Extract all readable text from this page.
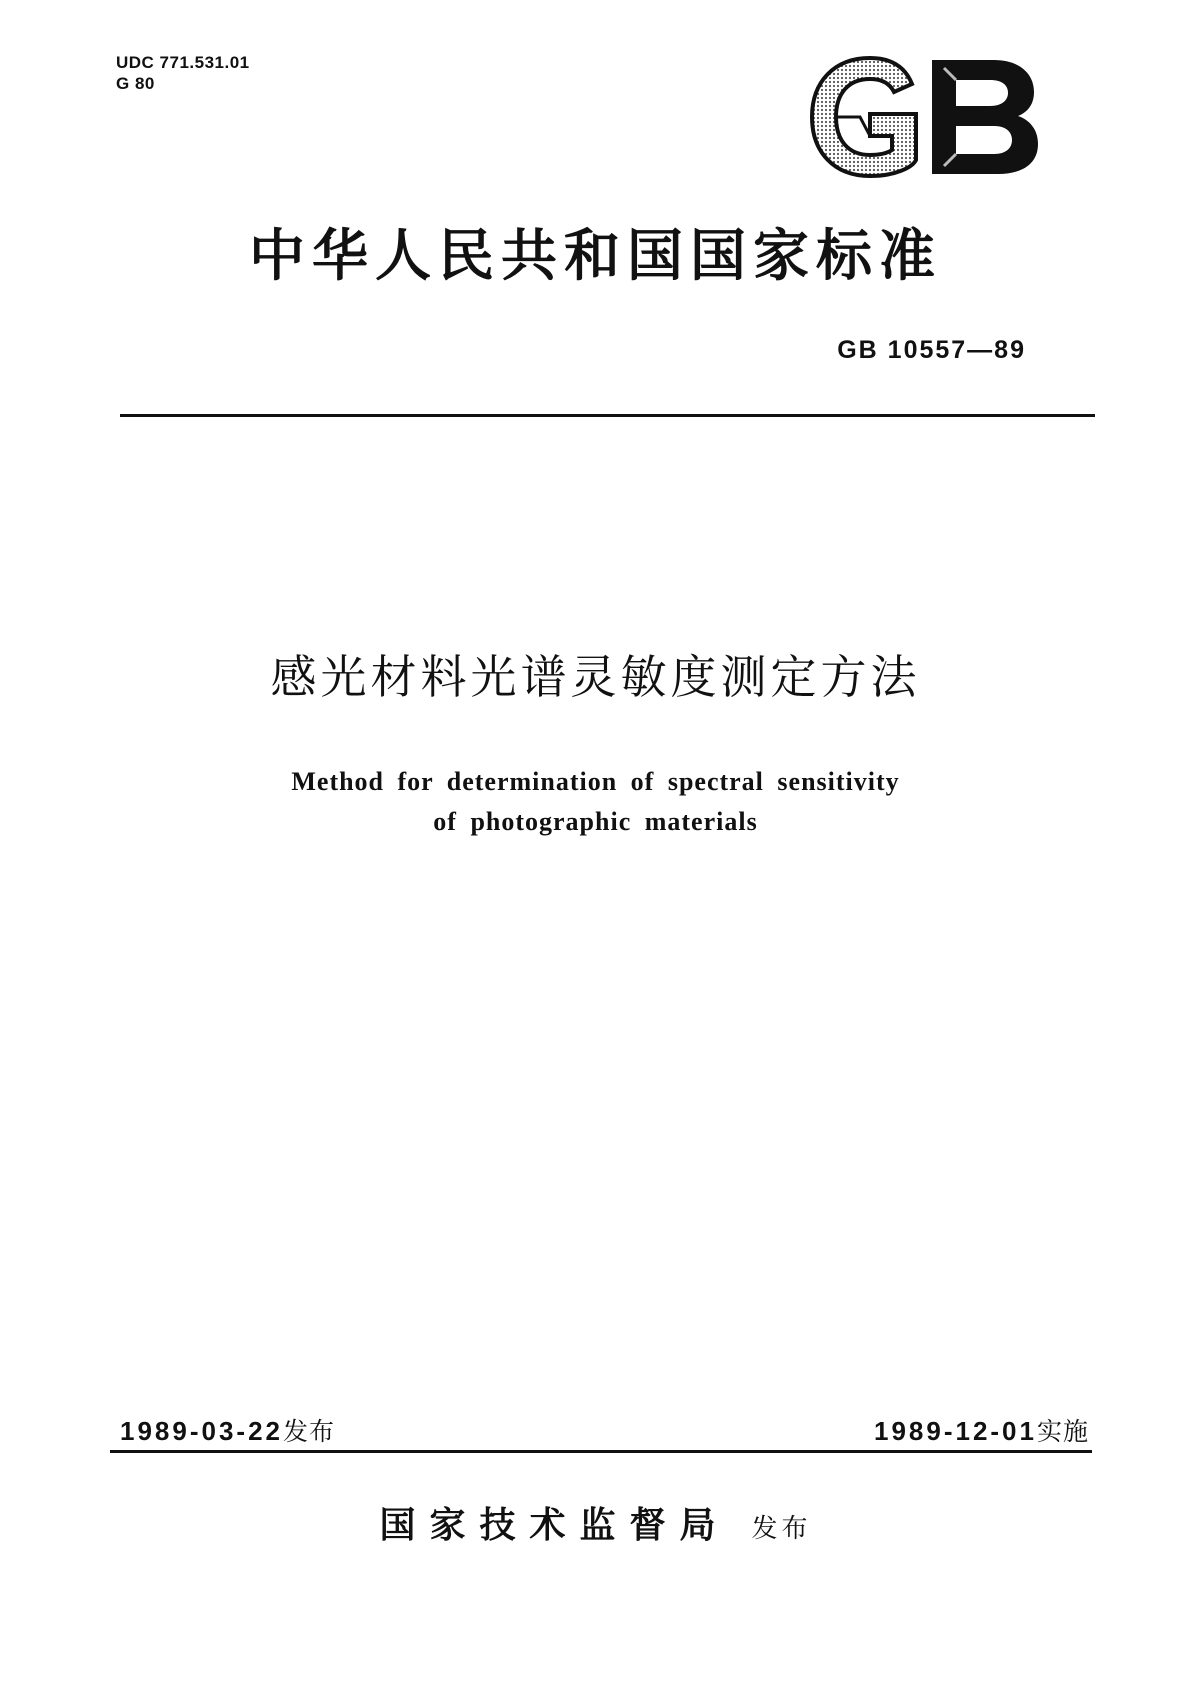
UDC 771.531.01
G 80
中华人民共和国国家标准
GB 10557—89
感光材料光谱灵敏度测定方法
Method for determination of spectral sensitivity
of photographic materials
1989-03-22发布	1989-12-01实施
国家技术监督局 发布
